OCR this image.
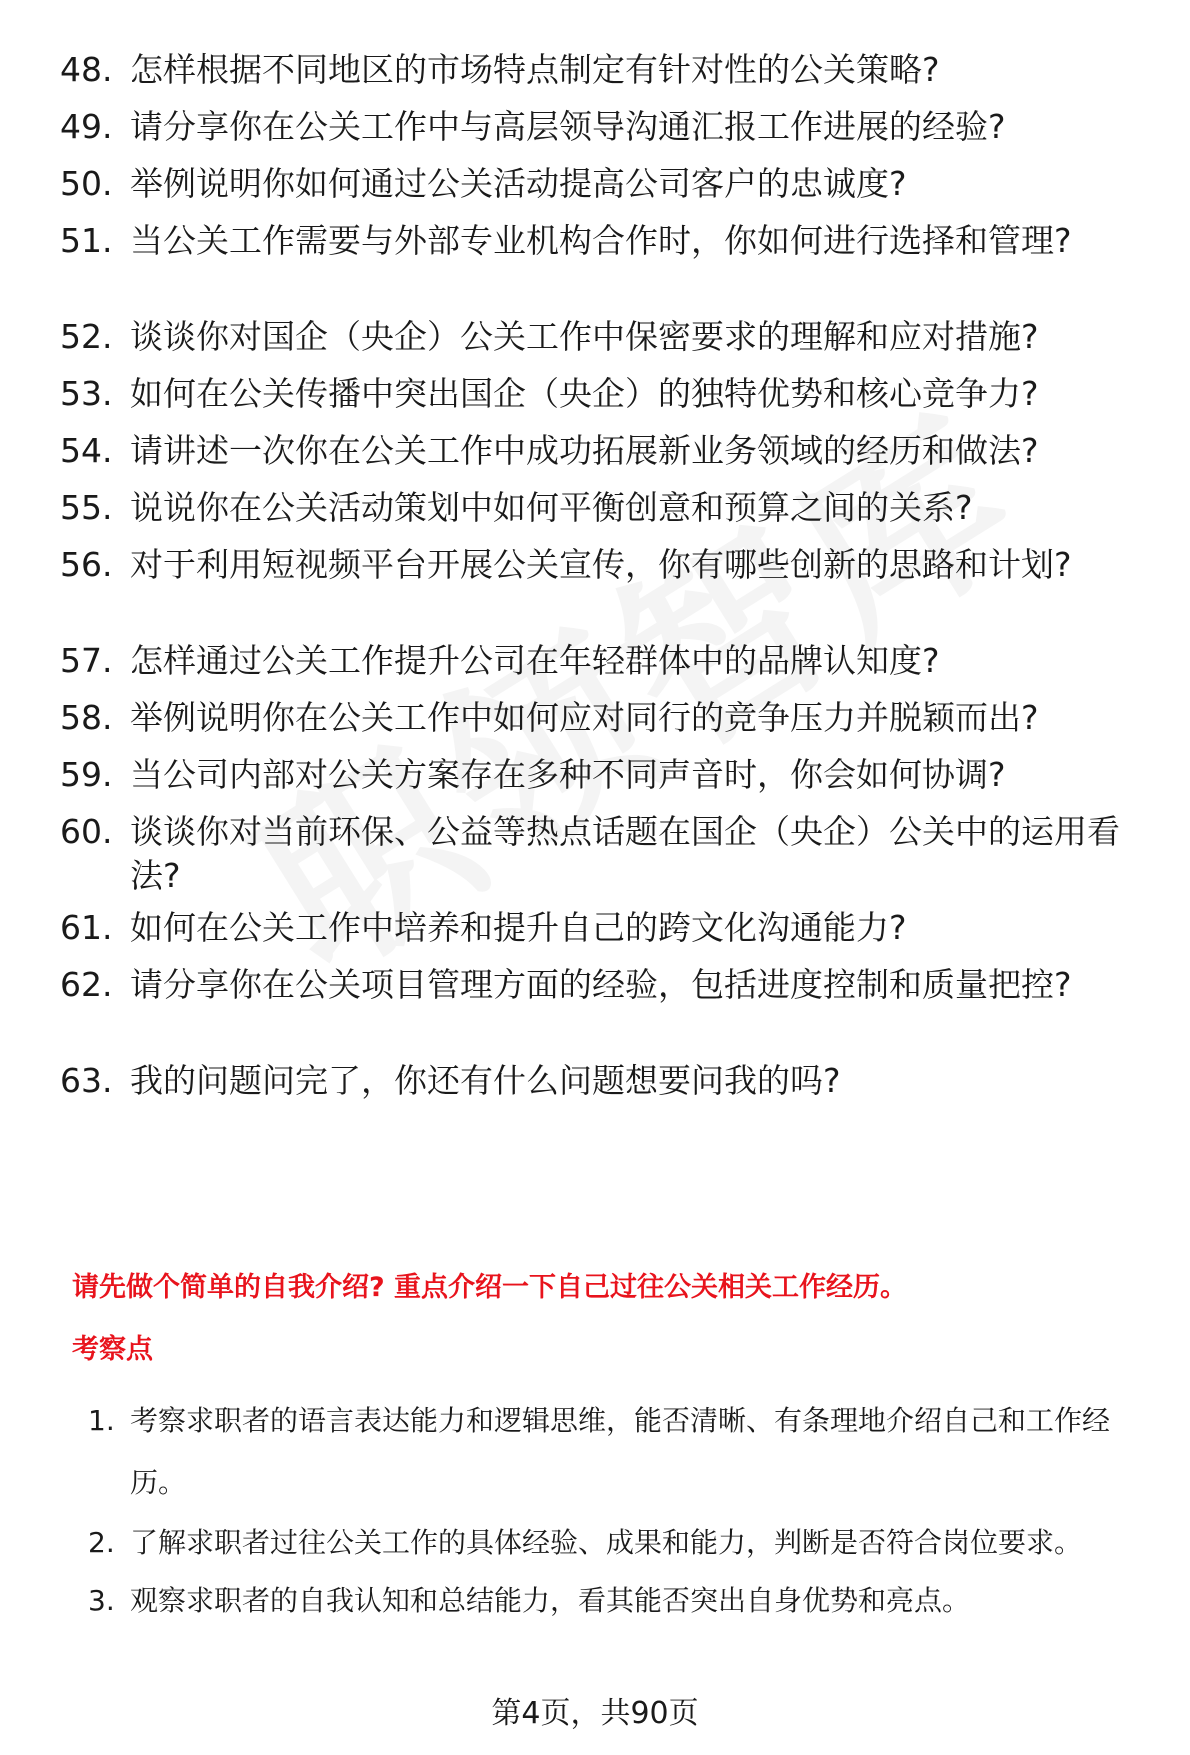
48. 怎样根据不同地区的市场特点制定有针对性的公关策略?
49. 请分享你在公关工作中与高层领导沟通汇报工作进展的经验?
50. 举例说明你如何通过公关活动提高公司客户的忠诚度?
51. 当公关工作需要与外部专业机构合作时，你如何进行选择和管理?
52. 谈谈你对国企（央企）公关工作中保密要求的理解和应对措施?
53. 如何在公关传播中突出国企（央企）的独特优势和核心竞争力?
54. 请讲述一次你在公关工作中成功拓展新业务领域的经历和做法?
55. 说说你在公关活动策划中如何平衡创意和预算之间的关系?
56. 对于利用短视频平台开展公关宣传，你有哪些创新的思路和计划?
57. 怎样通过公关工作提升公司在年轻群体中的品牌认知度?
58. 举例说明你在公关工作中如何应对同行的竞争压力并脱颖而出?
59. 当公司内部对公关方案存在多种不同声音时，你会如何协调?
60. 谈谈你对当前环保、公益等热点话题在国企（央企）公关中的运用看法?
61. 如何在公关工作中培养和提升自己的跨文化沟通能力?
62. 请分享你在公关项目管理方面的经验，包括进度控制和质量把控?
63. 我的问题问完了，你还有什么问题想要问我的吗?
请先做个简单的自我介绍? 重点介绍一下自己过往公关相关工作经历。
考察点
1. 考察求职者的语言表达能力和逻辑思维，能否清晰、有条理地介绍自己和工作经历。
2. 了解求职者过往公关工作的具体经验、成果和能力，判断是否符合岗位要求。
3. 观察求职者的自我认知和总结能力，看其能否突出自身优势和亮点。
第4页，共90页
